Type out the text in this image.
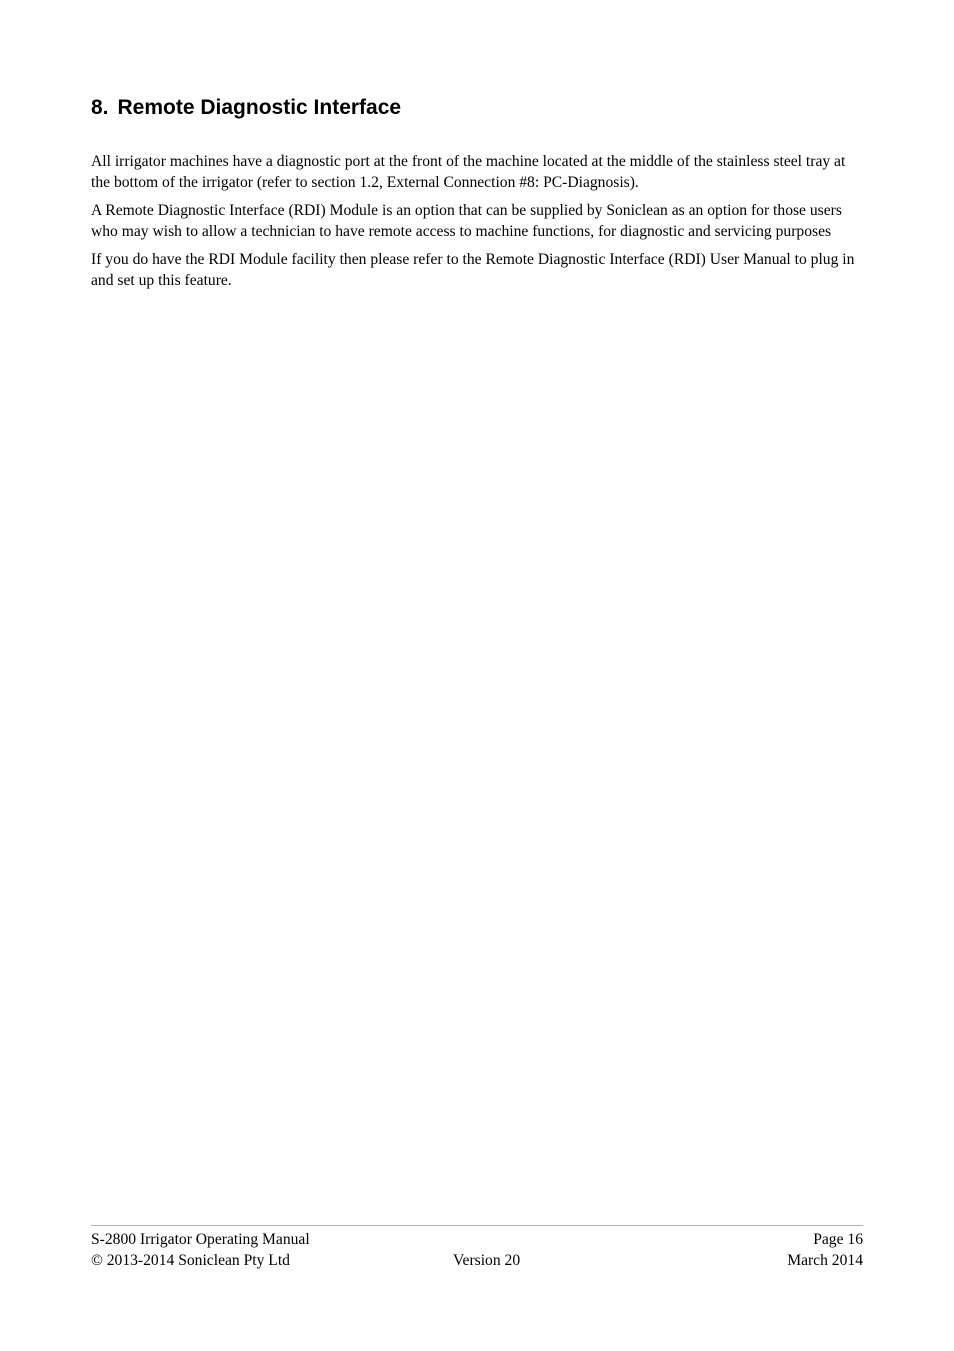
8. Remote Diagnostic Interface

All irrigator machines have a diagnostic port at the front of the machine located at the middle of the stainless steel tray at the bottom of the irrigator (refer to section 1.2, External Connection #8: PC-Diagnosis).

A Remote Diagnostic Interface (RDI) Module is an option that can be supplied by Soniclean as an option for those users who may wish to allow a technician to have remote access to machine functions, for diagnostic and servicing purposes

If you do have the RDI Module facility then please refer to the Remote Diagnostic Interface (RDI) User Manual to plug in and set up this feature.

S-2800 Irrigator Operating Manual	Page 16
© 2013-2014 Soniclean Pty Ltd	Version 20	March 2014
